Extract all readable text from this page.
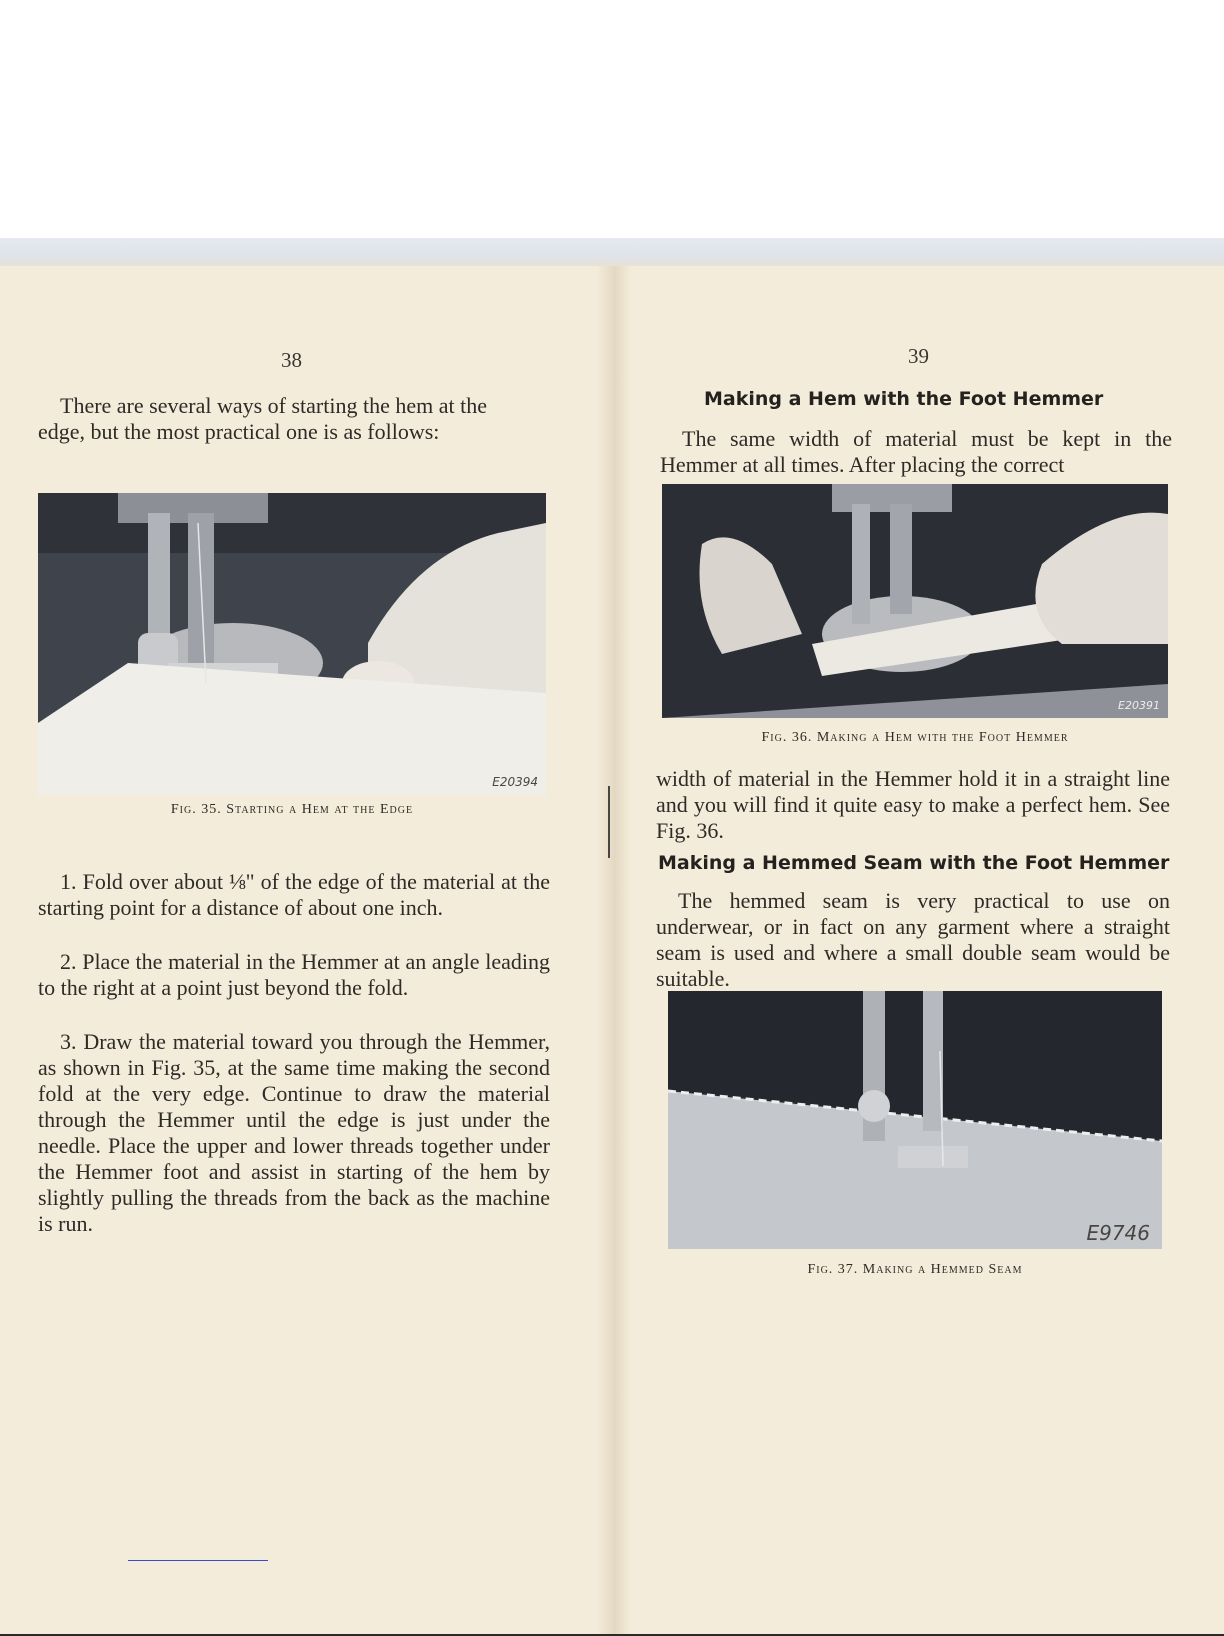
38
There are several ways of starting the hem at the
edge, but the most practical one is as follows:
E20394
Fig. 35. Starting a Hem at the Edge
1. Fold over about ⅛" of the edge of the material at the starting point for a distance of about one inch.
2. Place the material in the Hemmer at an angle leading to the right at a point just beyond the fold.
3. Draw the material toward you through the Hemmer, as shown in Fig. 35, at the same time making the second fold at the very edge. Continue to draw the material through the Hemmer until the edge is just under the needle. Place the upper and lower threads together under the Hemmer foot and assist in starting of the hem by slightly pulling the threads from the back as the machine is run.
39
Making a Hem with the Foot Hemmer
The same width of material must be kept in the Hemmer at all times. After placing the correct
E20391
Fig. 36. Making a Hem with the Foot Hemmer
width of material in the Hemmer hold it in a straight line and you will find it quite easy to make a perfect hem. See Fig. 36.
Making a Hemmed Seam with the Foot Hemmer
The hemmed seam is very practical to use on underwear, or in fact on any garment where a straight seam is used and where a small double seam would be suitable.
E9746
Fig. 37. Making a Hemmed Seam
